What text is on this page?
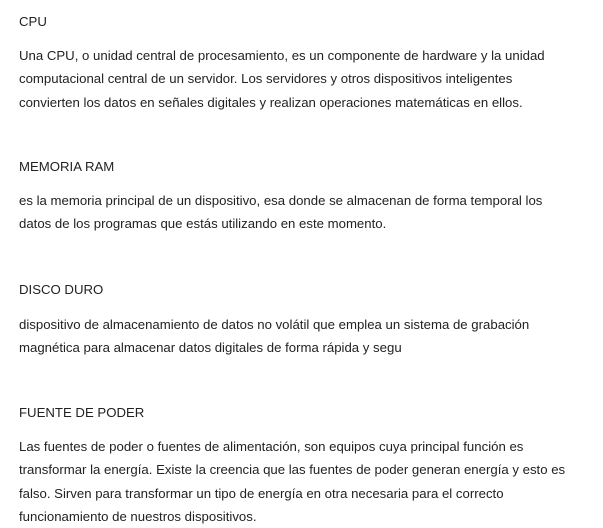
CPU
Una CPU, o unidad central de procesamiento, es un componente de hardware y la unidad
computacional central de un servidor. Los servidores y otros dispositivos inteligentes
convierten los datos en señales digitales y realizan operaciones matemáticas en ellos.
MEMORIA RAM
es la memoria principal de un dispositivo, esa donde se almacenan de forma temporal los
datos de los programas que estás utilizando en este momento.
DISCO DURO
dispositivo de almacenamiento de datos no volátil que emplea un sistema de grabación
magnética para almacenar datos digitales de forma rápida y segu
FUENTE DE PODER
Las fuentes de poder o fuentes de alimentación, son equipos cuya principal función es
transformar la energía. Existe la creencia que las fuentes de poder generan energía y esto es
falso. Sirven para transformar un tipo de energía en otra necesaria para el correcto
funcionamiento de nuestros dispositivos.
